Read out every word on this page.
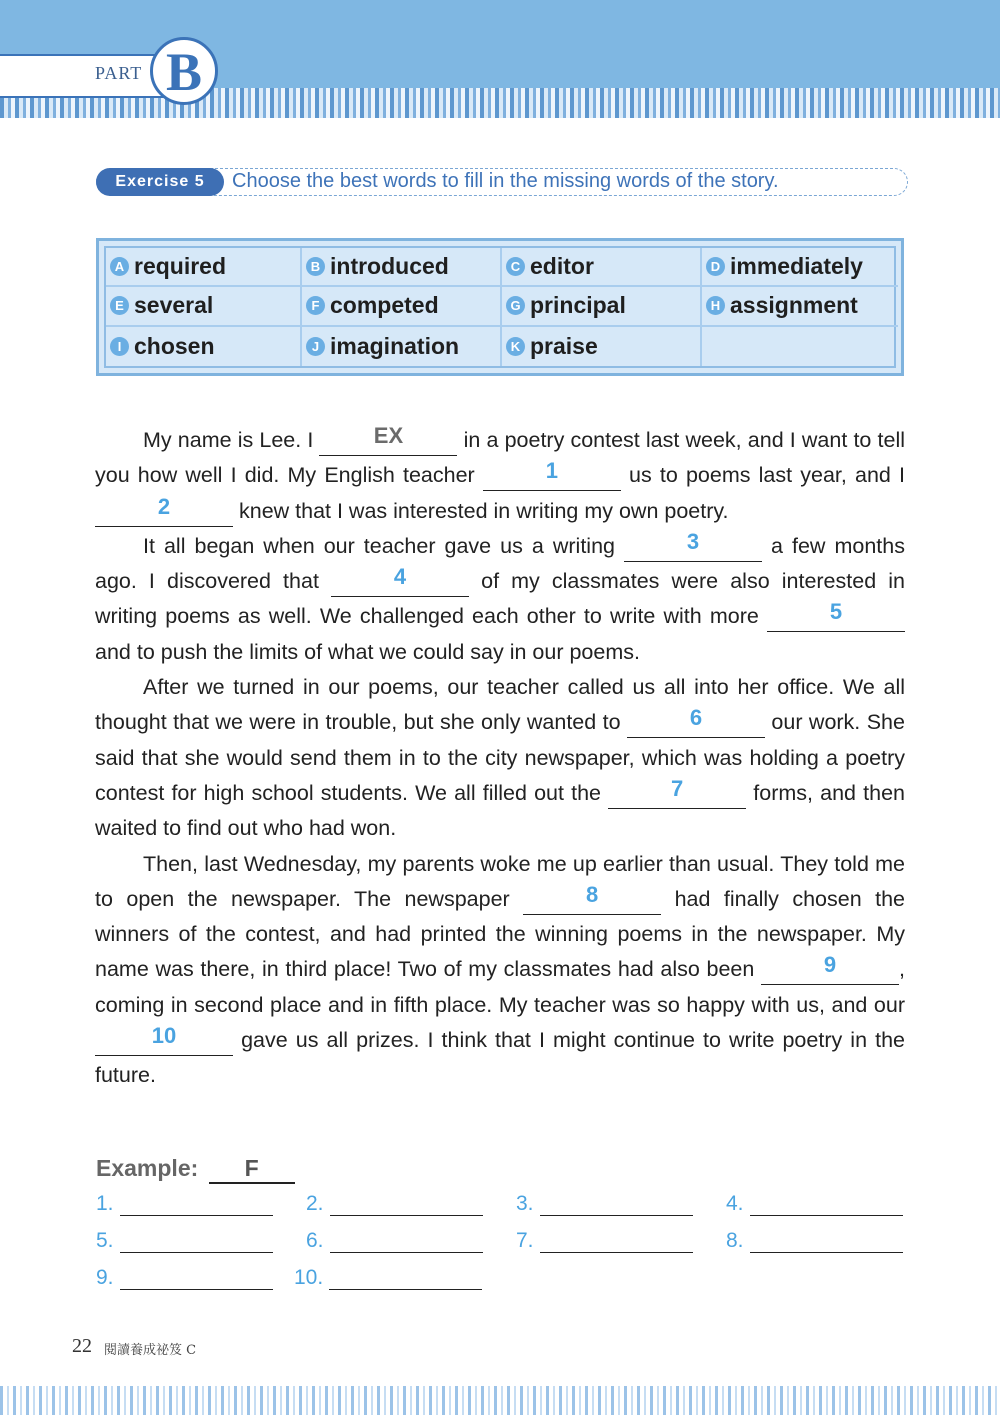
PART B
Exercise 5	Choose the best words to fill in the missing words of the story.
A required	B introduced	C editor	D immediately
E several	F competed	G principal	H assignment
I chosen	J imagination	K praise

My name is Lee. I	EX	in a poetry contest last week, and I want to tell you how well I did. My English teacher	1	us to poems last year, and I 2	knew that I was interested in writing my own poetry.

It all began when our teacher gave us a writing	3	a few months ago. I discovered that	4	of my classmates were also interested in writing poems as well. We challenged each other to write with more	5 and to push the limits of what we could say in our poems.

After we turned in our poems, our teacher called us all into her office. We all thought that we were in trouble, but she only wanted to	6	our work. She said that she would send them in to the city newspaper, which was holding a poetry contest for high school students. We all filled out the	7	forms, and then waited to find out who had won.

Then, last Wednesday, my parents woke me up earlier than usual. They told me to open the newspaper. The newspaper	8	had finally chosen the winners of the contest, and had printed the winning poems in the newspaper. My name was there, in third place! Two of my classmates had also been	9	, coming in second place and in fifth place. My teacher was so happy with us, and our 10	gave us all prizes. I think that I might continue to write poetry in the future.

Example: F
1.	2.	3.	4.
5.	6.	7.	8.
9.	10.
22 閱讀養成祕笈 C
